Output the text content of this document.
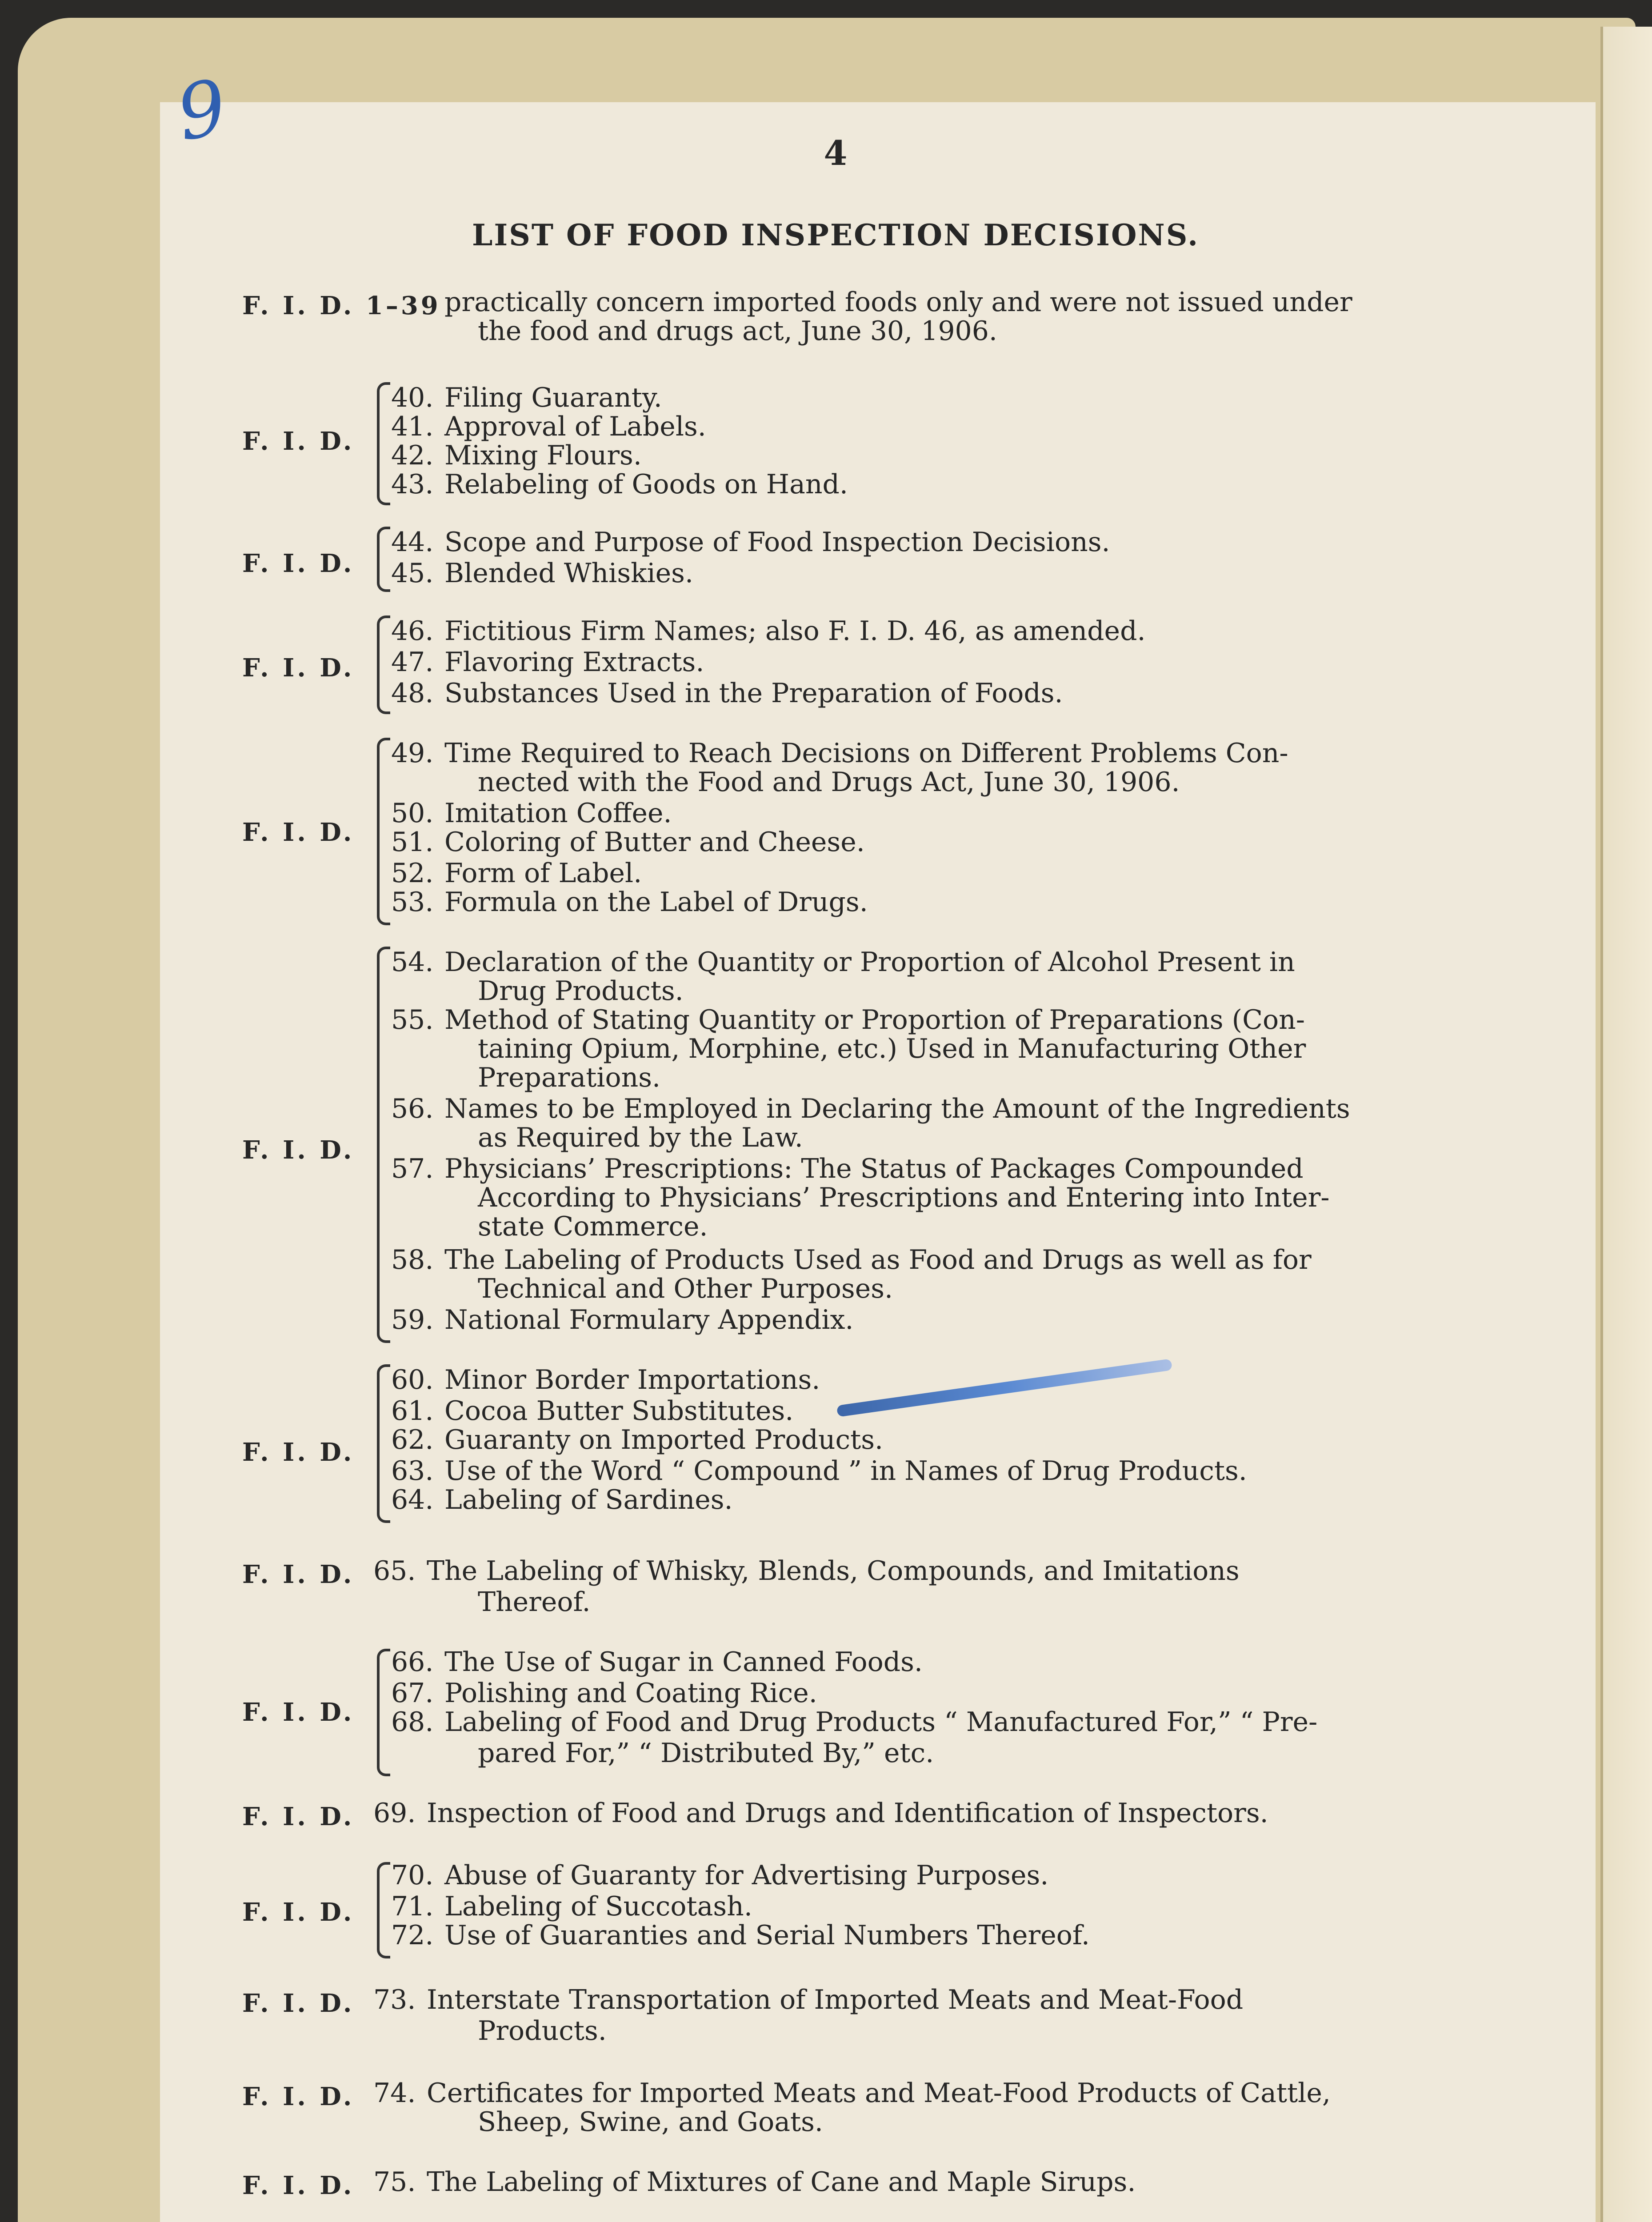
9	4
LIST OF FOOD INSPECTION DECISIONS.
F. I. D. 1–39 practically concern imported foods only and were not issued under
the food and drugs act, June 30, 1906.
F. I. D.
40. Filing Guaranty.
41. Approval of Labels.
42. Mixing Flours.
43. Relabeling of Goods on Hand.
F. I. D.
44. Scope and Purpose of Food Inspection Decisions.
45. Blended Whiskies.
F. I. D.
46. Fictitious Firm Names; also F. I. D. 46, as amended.
47. Flavoring Extracts.
48. Substances Used in the Preparation of Foods.
F. I. D.
49. Time Required to Reach Decisions on Different Problems Con-
nected with the Food and Drugs Act, June 30, 1906.
50. Imitation Coffee.
51. Coloring of Butter and Cheese.
52. Form of Label.
53. Formula on the Label of Drugs.
F. I. D.
54. Declaration of the Quantity or Proportion of Alcohol Present in
Drug Products.
55. Method of Stating Quantity or Proportion of Preparations (Con-
taining Opium, Morphine, etc.) Used in Manufacturing Other
Preparations.
56. Names to be Employed in Declaring the Amount of the Ingredients
as Required by the Law.
57. Physicians’ Prescriptions: The Status of Packages Compounded
According to Physicians’ Prescriptions and Entering into Inter-
state Commerce.
58. The Labeling of Products Used as Food and Drugs as well as for
Technical and Other Purposes.
59. National Formulary Appendix.
F. I. D.
60. Minor Border Importations.
61. Cocoa Butter Substitutes.
62. Guaranty on Imported Products.
63. Use of the Word “ Compound ” in Names of Drug Products.
64. Labeling of Sardines.
F. I. D. 65. The Labeling of Whisky, Blends, Compounds, and Imitations
Thereof.
F. I. D.
66. The Use of Sugar in Canned Foods.
67. Polishing and Coating Rice.
68. Labeling of Food and Drug Products “ Manufactured For,” “ Pre-
pared For,” “ Distributed By,” etc.
F. I. D. 69. Inspection of Food and Drugs and Identification of Inspectors.
F. I. D.
70. Abuse of Guaranty for Advertising Purposes.
71. Labeling of Succotash.
72. Use of Guaranties and Serial Numbers Thereof.
F. I. D. 73. Interstate Transportation of Imported Meats and Meat-Food
Products.
F. I. D. 74. Certificates for Imported Meats and Meat-Food Products of Cattle,
Sheep, Swine, and Goats.
F. I. D. 75. The Labeling of Mixtures of Cane and Maple Sirups.
